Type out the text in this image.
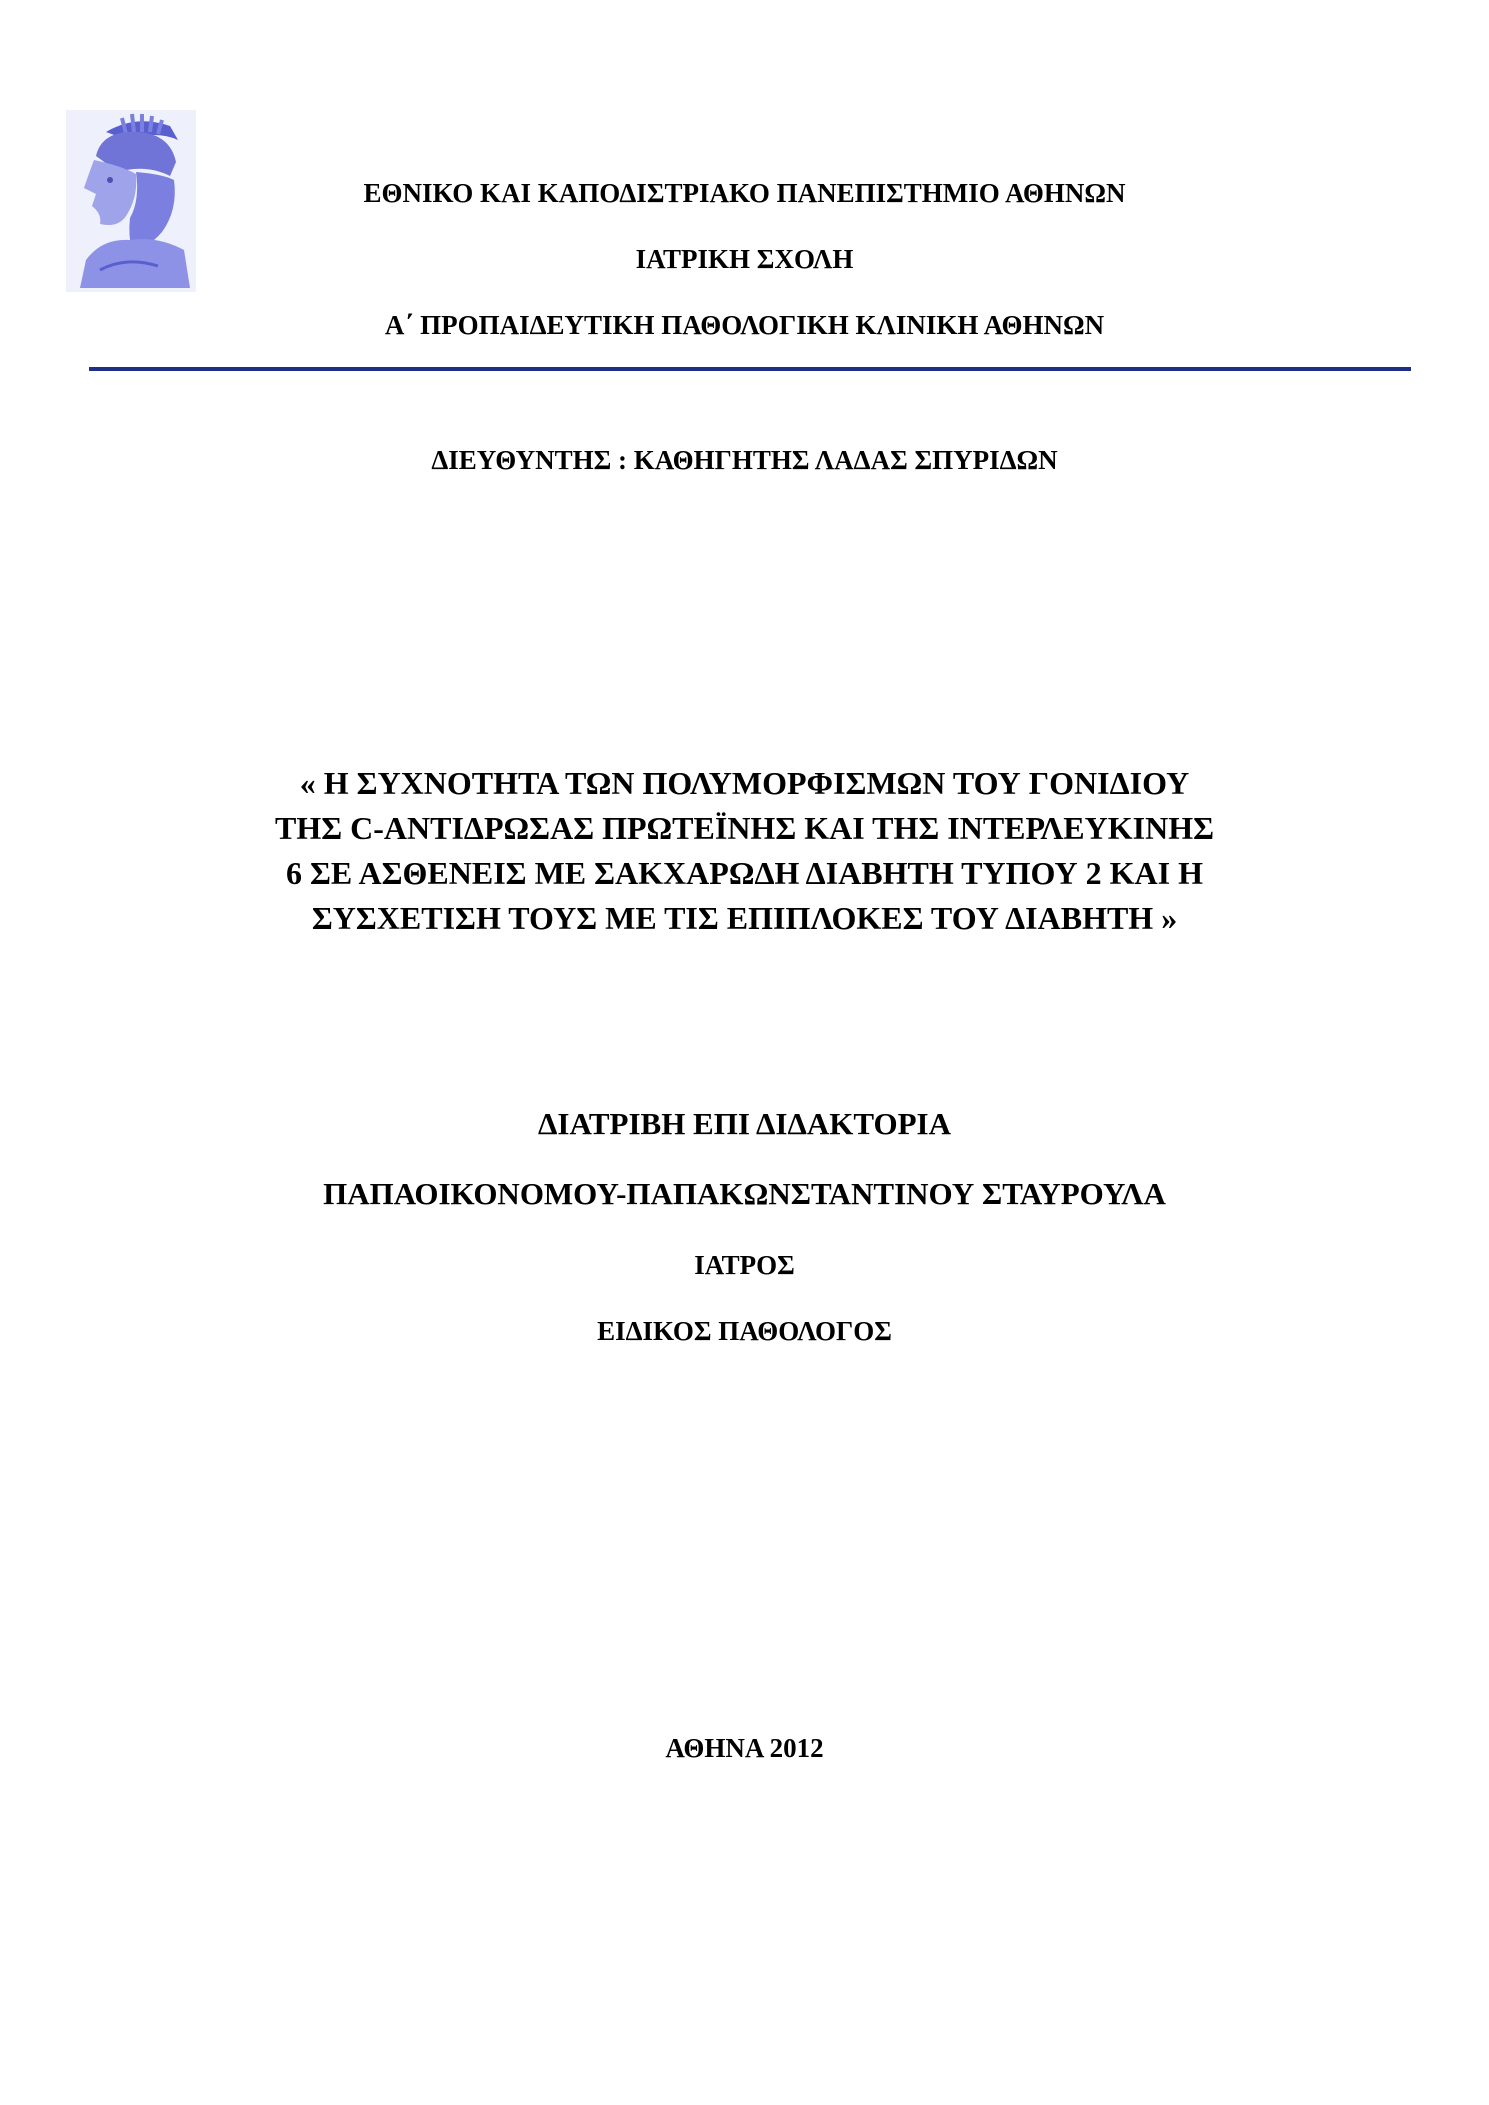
ΕΘΝΙΚΟ ΚΑΙ ΚΑΠΟΔΙΣΤΡΙΑΚΟ ΠΑΝΕΠΙΣΤΗΜΙΟ ΑΘΗΝΩΝ
ΙΑΤΡΙΚΗ ΣΧΟΛΗ
Α΄ ΠΡΟΠΑΙΔΕΥΤΙΚΗ ΠΑΘΟΛΟΓΙΚΗ ΚΛΙΝΙΚΗ ΑΘΗΝΩΝ
ΔΙΕΥΘΥΝΤΗΣ : ΚΑΘΗΓΗΤΗΣ ΛΑΔΑΣ ΣΠΥΡΙΔΩΝ
« Η ΣΥΧΝΟΤΗΤΑ ΤΩΝ ΠΟΛΥΜΟΡΦΙΣΜΩΝ ΤΟΥ ΓΟΝΙΔΙΟΥ
ΤΗΣ C-ΑΝΤΙΔΡΩΣΑΣ ΠΡΩΤΕΪΝΗΣ ΚΑΙ ΤΗΣ ΙΝΤΕΡΛΕΥΚΙΝΗΣ
6 ΣΕ ΑΣΘΕΝΕΙΣ ΜΕ ΣΑΚΧΑΡΩΔΗ ΔΙΑΒΗΤΗ ΤΥΠΟΥ 2 ΚΑΙ Η
ΣΥΣΧΕΤΙΣΗ ΤΟΥΣ ΜΕ ΤΙΣ ΕΠΙΠΛΟΚΕΣ ΤΟΥ ΔΙΑΒΗΤΗ »
ΔΙΑΤΡΙΒΗ ΕΠΙ ΔΙΔΑΚΤΟΡΙΑ
ΠΑΠΑΟΙΚΟΝΟΜΟΥ-ΠΑΠΑΚΩΝΣΤΑΝΤΙΝΟΥ ΣΤΑΥΡΟΥΛΑ
ΙΑΤΡΟΣ
ΕΙΔΙΚΟΣ ΠΑΘΟΛΟΓΟΣ
ΑΘΗΝΑ 2012
